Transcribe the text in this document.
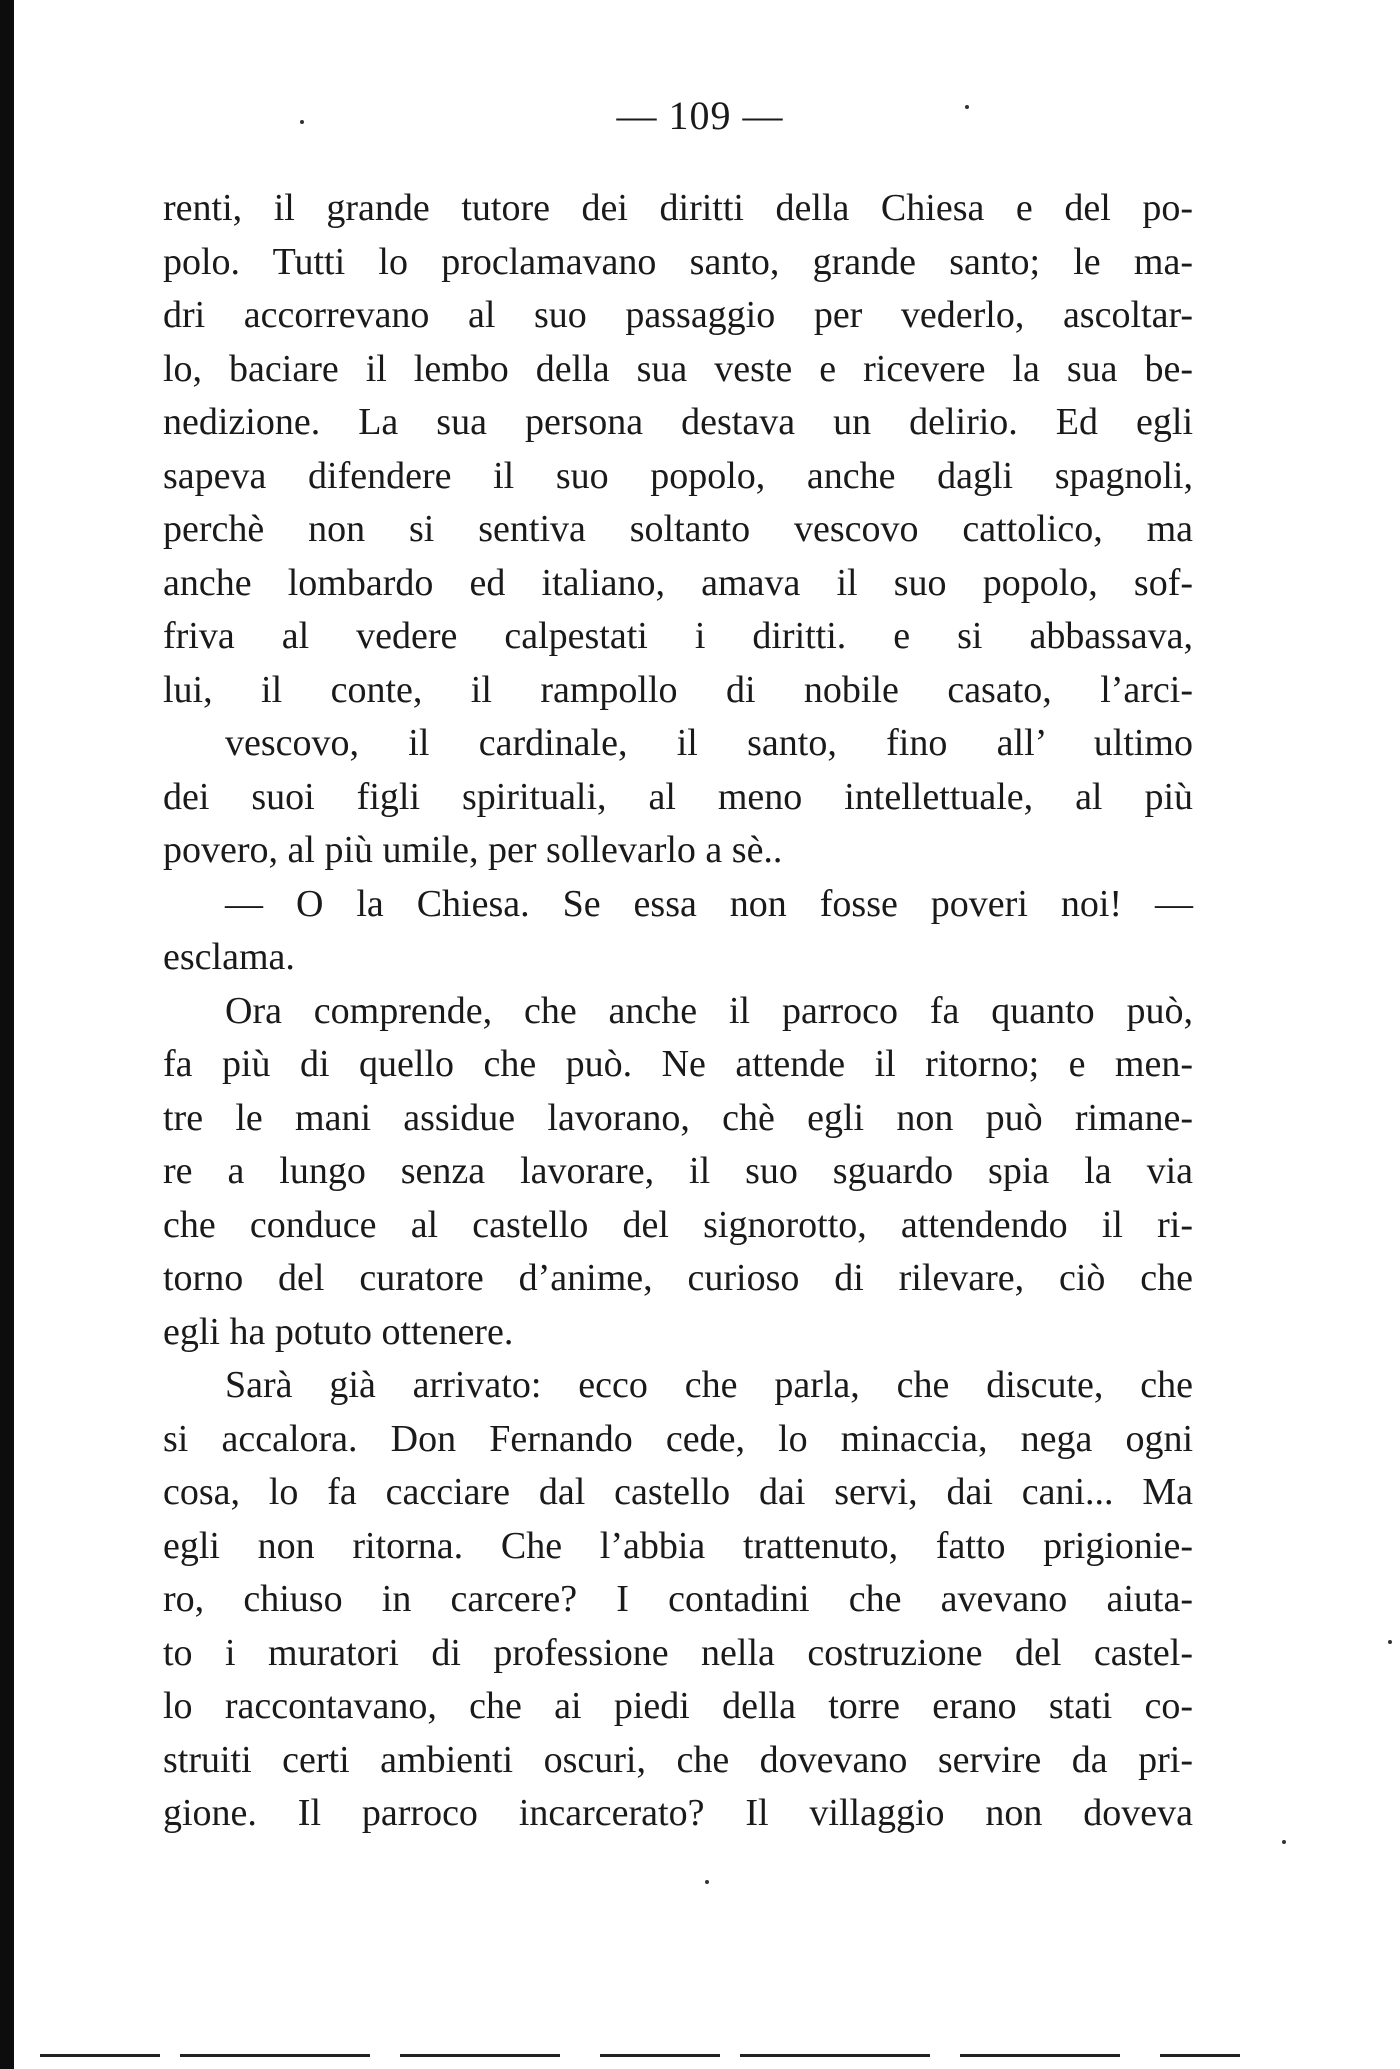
— 109 —
renti, il grande tutore dei diritti della Chiesa e del po-
polo. Tutti lo proclamavano santo, grande santo; le ma-
dri accorrevano al suo passaggio per vederlo, ascoltar-
lo, baciare il lembo della sua veste e ricevere la sua be-
nedizione. La sua persona destava un delirio. Ed egli
sapeva difendere il suo popolo, anche dagli spagnoli,
perchè non si sentiva soltanto vescovo cattolico, ma
anche lombardo ed italiano, amava il suo popolo, sof-
friva al vedere calpestati i diritti. e si abbassava,
lui, il conte, il rampollo di nobile casato, l’arci-
vescovo, il cardinale, il santo, fino all’ ultimo
dei suoi figli spirituali, al meno intellettuale, al più
povero, al più umile, per sollevarlo a sè..
— O la Chiesa. Se essa non fosse poveri noi! —
esclama.
Ora comprende, che anche il parroco fa quanto può,
fa più di quello che può. Ne attende il ritorno; e men-
tre le mani assidue lavorano, chè egli non può rimane-
re a lungo senza lavorare, il suo sguardo spia la via
che conduce al castello del signorotto, attendendo il ri-
torno del curatore d’anime, curioso di rilevare, ciò che
egli ha potuto ottenere.
Sarà già arrivato: ecco che parla, che discute, che
si accalora. Don Fernando cede, lo minaccia, nega ogni
cosa, lo fa cacciare dal castello dai servi, dai cani... Ma
egli non ritorna. Che l’abbia trattenuto, fatto prigionie-
ro, chiuso in carcere? I contadini che avevano aiuta-
to i muratori di professione nella costruzione del castel-
lo raccontavano, che ai piedi della torre erano stati co-
struiti certi ambienti oscuri, che dovevano servire da pri-
gione. Il parroco incarcerato? Il villaggio non doveva
